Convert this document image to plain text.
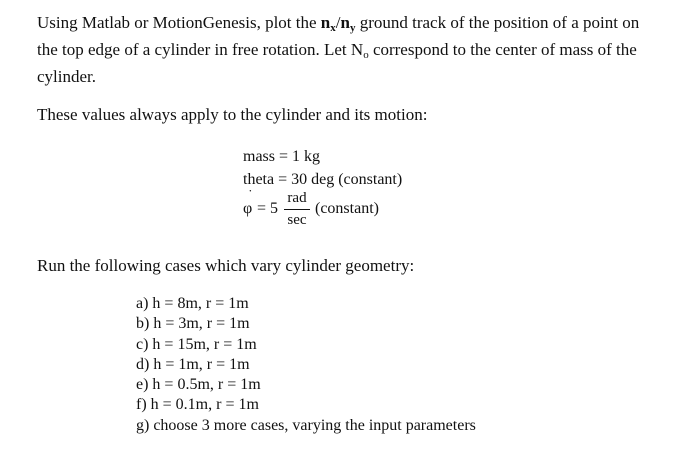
Using Matlab or MotionGenesis, plot the $n_x/n_y$ ground track of the position of a point on
the top edge of a cylinder in free rotation. Let $N_o$ correspond to the center of mass of the
cylinder.
These values always apply to the cylinder and its motion:
mass = 1 kg
theta = 30 deg (constant)
φ
˙
= 5
rad
sec
(constant)
Run the following cases which vary cylinder geometry:
a) h = 8m, r = 1m
b) h = 3m, r = 1m
c) h = 15m, r = 1m
d) h = 1m, r = 1m
e) h = 0.5m, r = 1m
f) h = 0.1m, r = 1m
g) choose 3 more cases, varying the input parameters
